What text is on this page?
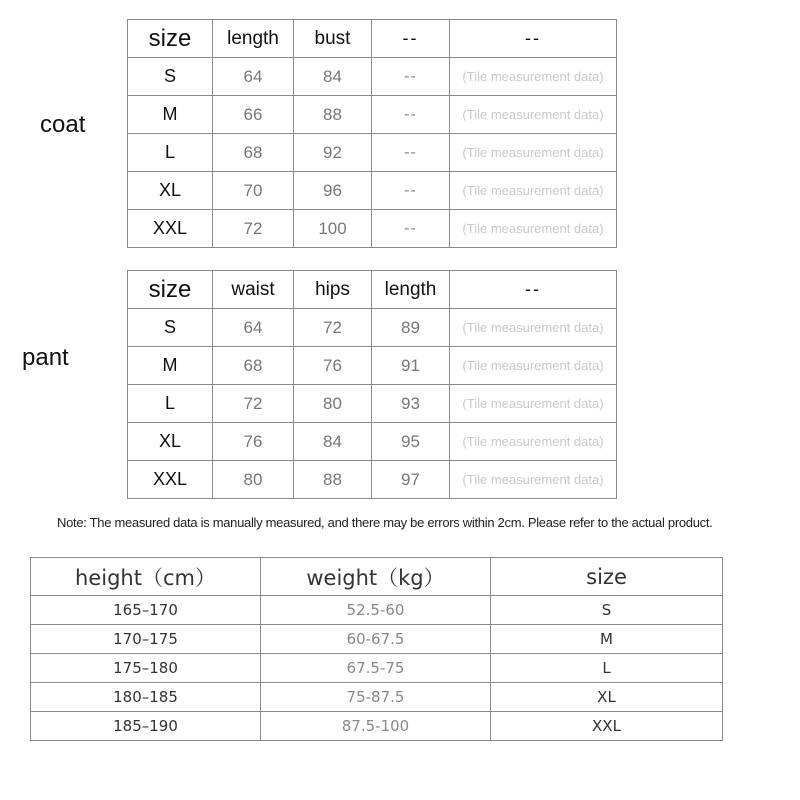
coat
size	length	bust	--	--
S	64	84	--	(Tile measurement data)
M	66	88	--	(Tile measurement data)
L	68	92	--	(Tile measurement data)
XL	70	96	--	(Tile measurement data)
XXL	72	100	--	(Tile measurement data)
pant
size	waist	hips	length	--
S	64	72	89	(Tile measurement data)
M	68	76	91	(Tile measurement data)
L	72	80	93	(Tile measurement data)
XL	76	84	95	(Tile measurement data)
XXL	80	88	97	(Tile measurement data)
Note: The measured data is manually measured, and there may be errors within 2cm. Please refer to the actual product.
height（cm）	weight（kg）	size
165–170	52.5-60	S
170–175	60-67.5	M
175–180	67.5-75	L
180–185	75-87.5	XL
185–190	87.5-100	XXL
